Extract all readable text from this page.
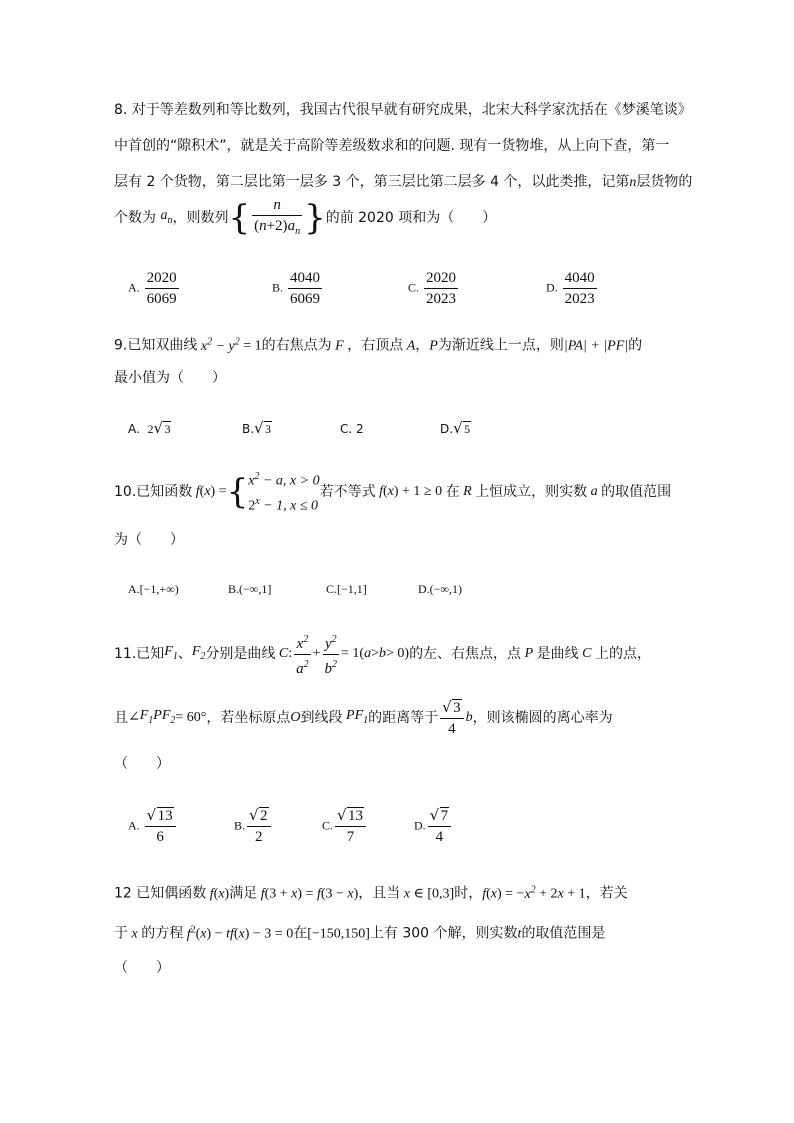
8. 对于等差数列和等比数列，我国古代很早就有研究成果，北宋大科学家沈括在《梦溪笔谈》
中首创的“隙积术”，就是关于高阶等差级数求和的问题. 现有一货物堆，从上向下查，第一
层有 2 个货物，第二层比第一层多 3 个，第三层比第二层多 4 个，以此类推，记第n层货物的
个数为
$a_n$ ，则数列 { $\frac{n}{(n+2)a_n}$ } 的前 2020 项和为（　　）
A. $\frac{2020}{6069}$	B. $\frac{4040}{6069}$	C. $\frac{2020}{2023}$	D. $\frac{4040}{2023}$
9.已知双曲线 $x^2 - y^2 = 1$的右焦点为 F ，右顶点 A，P为渐近线上一点，则|PA| + |PF|的
最小值为（　　）
A. 2 √ 3	B. √ 3	C. 2	D. √ 5
10.已知函数 f ( x ) = { $x^2 - a$, x > 0
$2^x - 1$, x ≤ 0
若不等式 f ( x ) + 1 ≥ 0 在 R 上恒成立，则实数 a 的取值范围
为（　　）
A.[−1,+∞)	B.(−∞,1]	C.[−1,1]	D.(−∞,1)
11.已知 $F_1$ 、 $F_2$ 分别是曲线 C : $\frac{x^2}{a^2} + \frac{y^2}{b^2} = 1$( a > b > 0) 的左、右焦点，点 P 是曲线 C 上的点，
且 ∠ $F_1PF_2 = 60^\circ$ ，若坐标原点 O 到线段 $PF_1$ 的距离等于 √ $\frac{3}{4}$ b ，则该椭圆的离心率为
（　　）
A. √ $\frac{13}{6}$	B. √ $\frac{2}{2}$	C. √ $\frac{13}{7}$	D. √ $\frac{7}{4}$
12 已知偶函数 f(x)满足 f(3 + x) = f(3 − x)，且当 x ∈ [0,3]时，$f(x) = -x^2 + 2x + 1$，若关
于 x 的方程 $f^2(x) - tf(x) - 3 = 0$在[−150,150]上有 300 个解，则实数t的取值范围是
（　　）
